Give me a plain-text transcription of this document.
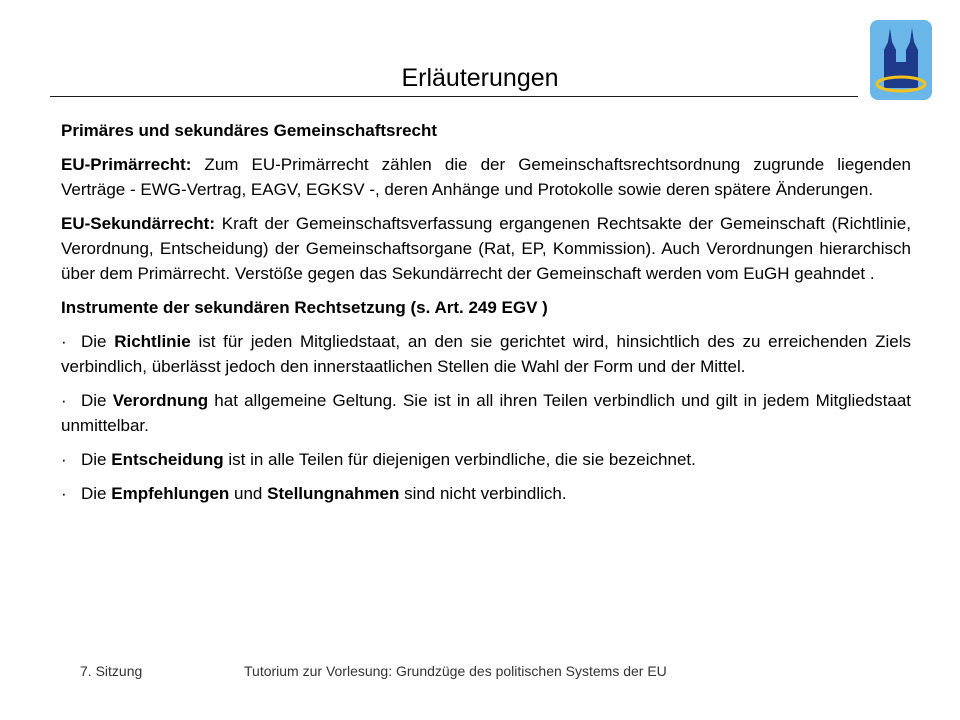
Erläuterungen

Primäres und sekundäres Gemeinschaftsrecht

EU-Primärrecht: Zum EU-Primärrecht zählen die der Gemeinschaftsrechtsordnung zugrunde liegenden Verträge - EWG-Vertrag, EAGV, EGKSV -, deren Anhänge und Protokolle sowie deren spätere Änderungen.

EU-Sekundärrecht: Kraft der Gemeinschaftsverfassung ergangenen Rechtsakte der Gemeinschaft (Richtlinie, Verordnung, Entscheidung) der Gemeinschaftsorgane (Rat, EP, Kommission). Auch Verordnungen hierarchisch über dem Primärrecht. Verstöße gegen das Sekundärrecht der Gemeinschaft werden vom EuGH geahndet .

Instrumente der sekundären Rechtsetzung (s. Art. 249 EGV )

· Die Richtlinie ist für jeden Mitgliedstaat, an den sie gerichtet wird, hinsichtlich des zu erreichenden Ziels verbindlich, überlässt jedoch den innerstaatlichen Stellen die Wahl der Form und der Mittel.

· Die Verordnung hat allgemeine Geltung. Sie ist in all ihren Teilen verbindlich und gilt in jedem Mitgliedstaat unmittelbar.

· Die Entscheidung ist in alle Teilen für diejenigen verbindliche, die sie bezeichnet.

· Die Empfehlungen und Stellungnahmen sind nicht verbindlich.

7. Sitzung	Tutorium zur Vorlesung: Grundzüge des politischen Systems der EU
